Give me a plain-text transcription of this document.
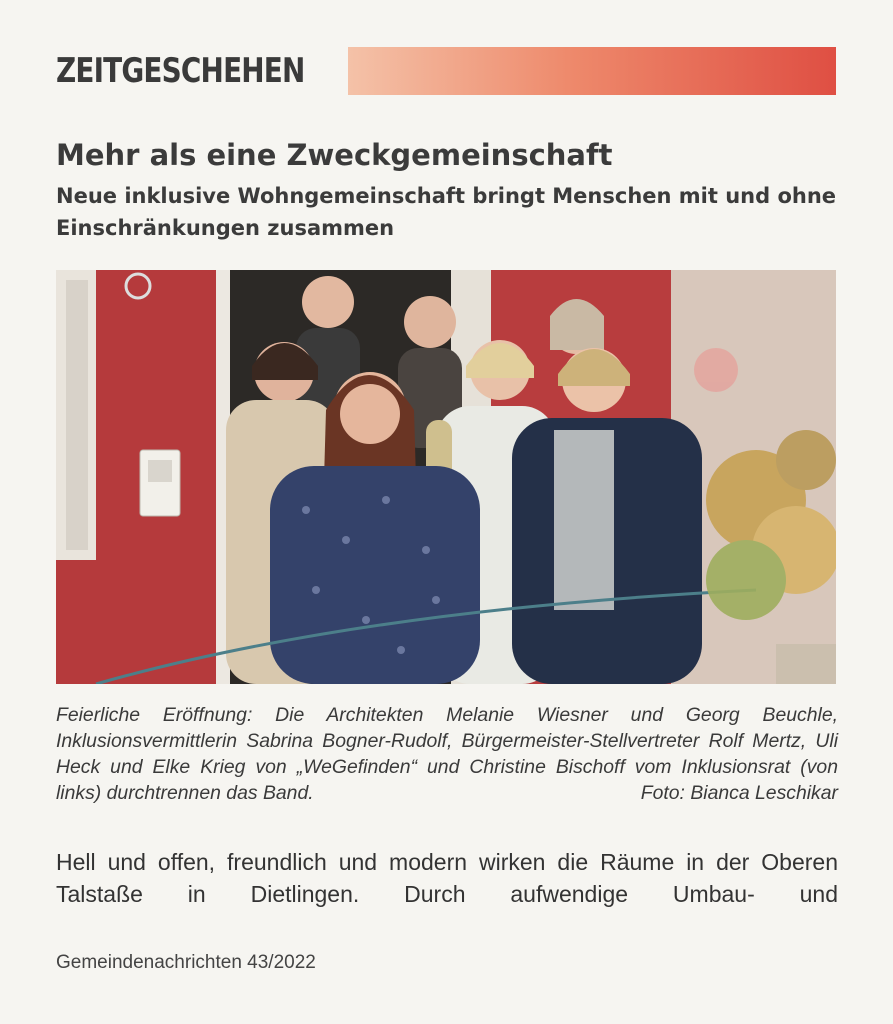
ZEITGESCHEHEN
Mehr als eine Zweckgemeinschaft
Neue inklusive Wohngemeinschaft bringt Menschen mit und ohne Einschränkungen zusammen

Feierliche Eröffnung: Die Architekten Melanie Wiesner und Georg Beuchle, Inklusionsvermittlerin Sabrina Bogner-Rudolf, Bürgermeister-Stellvertreter Rolf Mertz, Uli Heck und Elke Krieg von „WeGefinden“ und Christine Bischoff vom Inklusionsrat (von links) durchtrennen das Band.	Foto: Bianca Leschikar

Hell und offen, freundlich und modern wirken die Räume in der Oberen Talstaße in Dietlingen. Durch aufwendige Umbau- und

Gemeindenachrichten 43/2022
